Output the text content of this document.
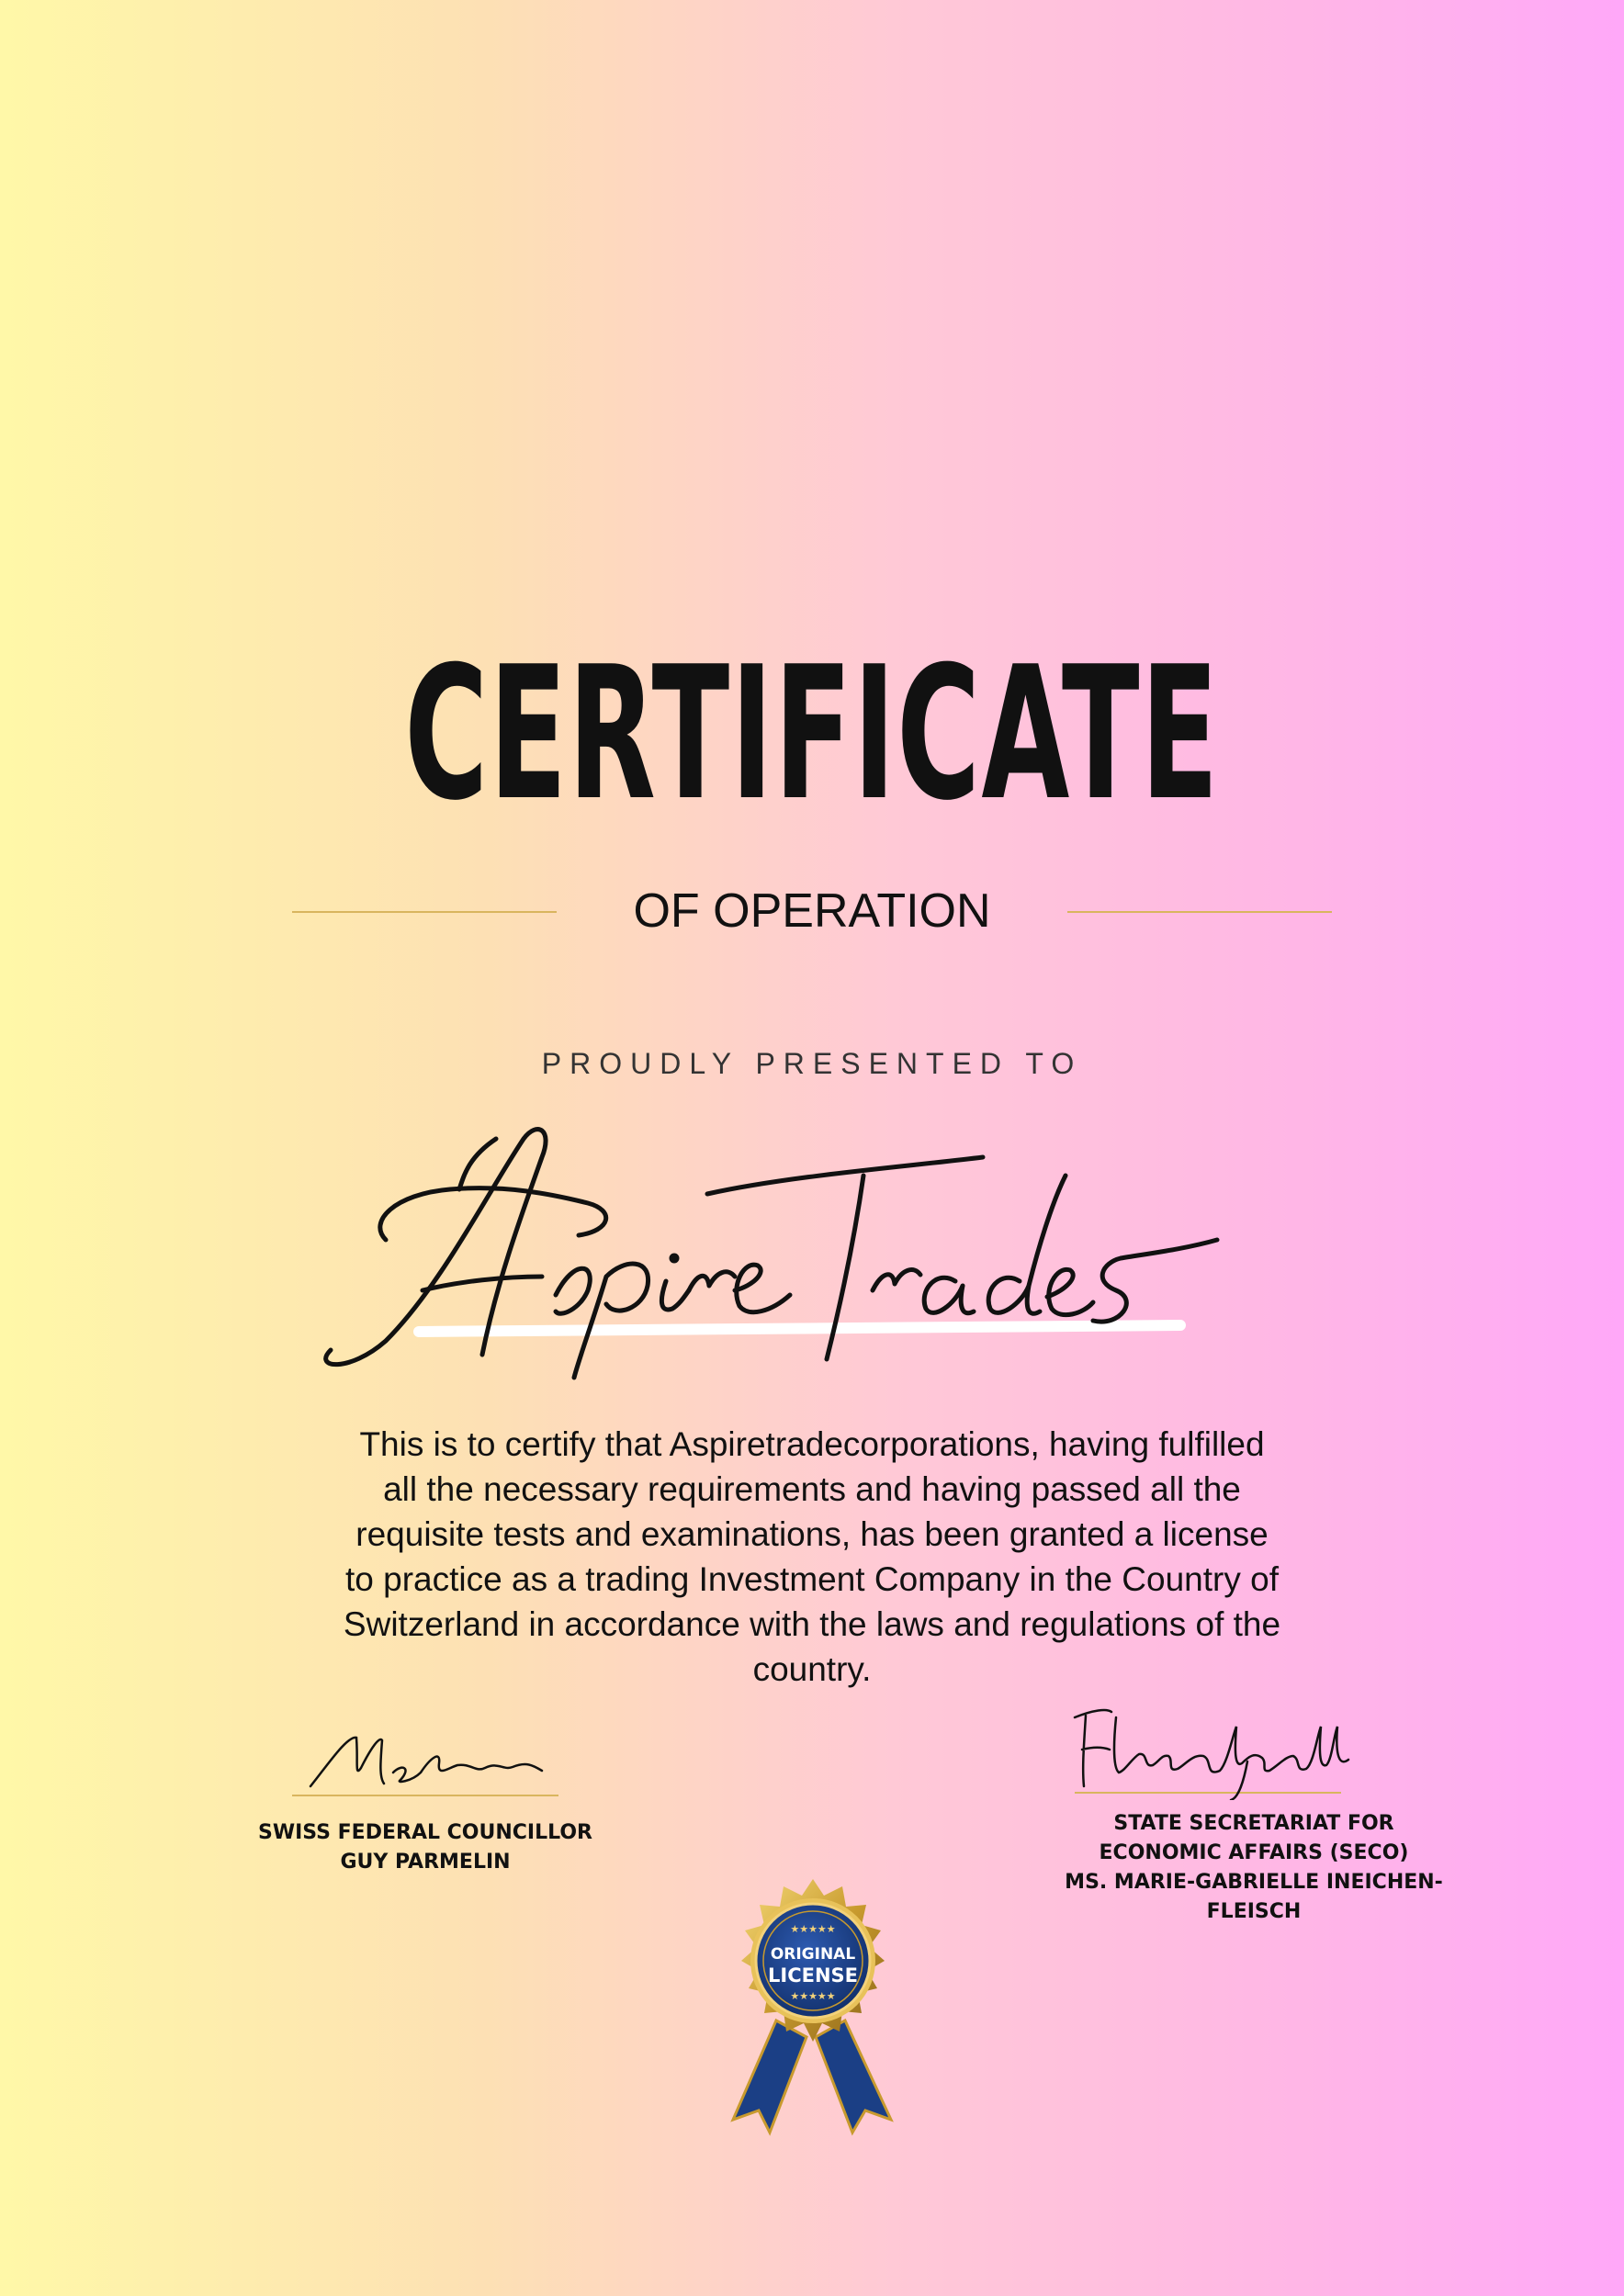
CERTIFICATE
OF OPERATION
PROUDLY PRESENTED TO
This is to certify that Aspiretradecorporations, having fulfilled all the necessary requirements and having passed all the requisite tests and examinations, has been granted a license to practice as a trading Investment Company in the Country of Switzerland in accordance with the laws and regulations of the country.
SWISS FEDERAL COUNCILLOR
GUY PARMELIN
STATE SECRETARIAT FOR
ECONOMIC AFFAIRS (SECO)
MS. MARIE-GABRIELLE INEICHEN-
FLEISCH
★★★★★
ORIGINAL
LICENSE
★★★★★
